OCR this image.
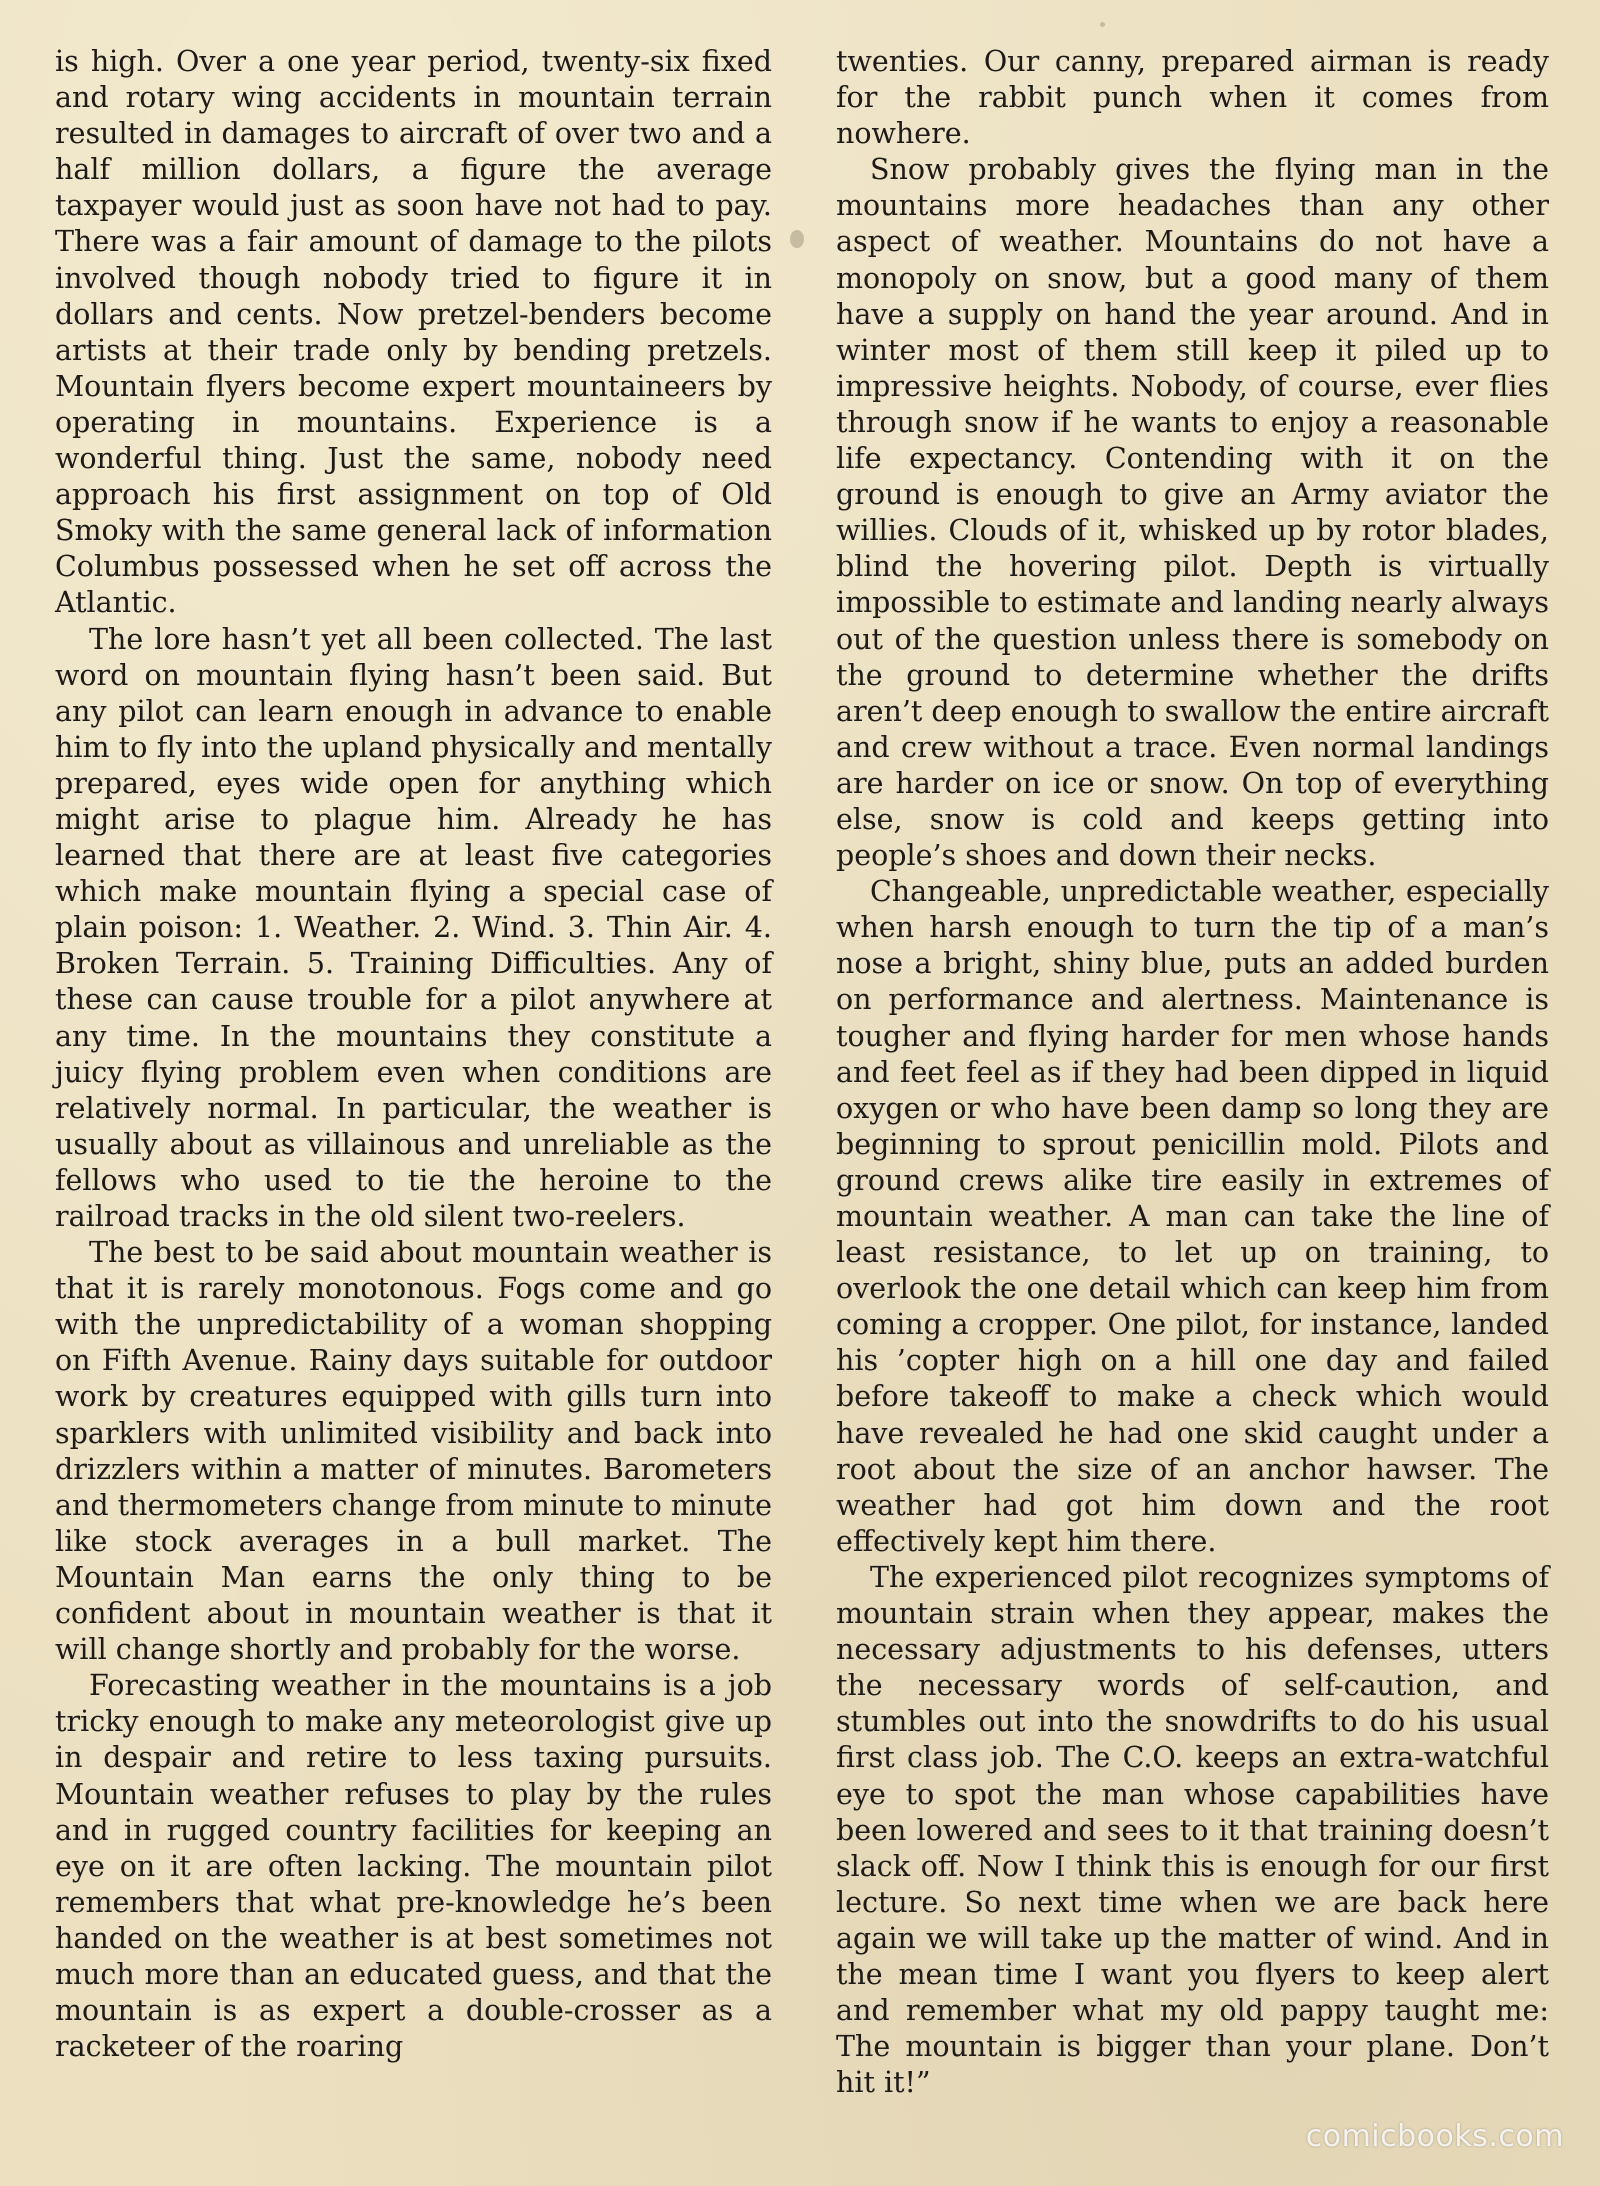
is high. Over a one year period, twenty-six fixed and rotary wing accidents in mountain terrain resulted in damages to aircraft of over two and a half million dollars, a figure the average taxpayer would just as soon have not had to pay. There was a fair amount of damage to the pilots involved though nobody tried to figure it in dollars and cents. Now pretzel-benders become artists at their trade only by bending pretzels. Mountain flyers become expert mountaineers by operating in mountains. Experience is a wonderful thing. Just the same, nobody need approach his first assignment on top of Old Smoky with the same general lack of information Columbus possessed when he set off across the Atlantic.

The lore hasn’t yet all been collected. The last word on mountain flying hasn’t been said. But any pilot can learn enough in advance to enable him to fly into the upland physically and mentally prepared, eyes wide open for anything which might arise to plague him. Already he has learned that there are at least five categories which make mountain flying a special case of plain poison: 1. Weather. 2. Wind. 3. Thin Air. 4. Broken Terrain. 5. Training Difficulties. Any of these can cause trouble for a pilot anywhere at any time. In the mountains they constitute a juicy flying problem even when conditions are relatively normal. In particular, the weather is usually about as villainous and unreliable as the fellows who used to tie the heroine to the railroad tracks in the old silent two-reelers.

The best to be said about mountain weather is that it is rarely monotonous. Fogs come and go with the unpredictability of a woman shopping on Fifth Avenue. Rainy days suitable for outdoor work by creatures equipped with gills turn into sparklers with unlimited visibility and back into drizzlers within a matter of minutes. Barometers and thermometers change from minute to minute like stock averages in a bull market. The Mountain Man earns the only thing to be confident about in mountain weather is that it will change shortly and probably for the worse.

Forecasting weather in the mountains is a job tricky enough to make any meteorologist give up in despair and retire to less taxing pursuits. Mountain weather refuses to play by the rules and in rugged country facilities for keeping an eye on it are often lacking. The mountain pilot remembers that what pre-knowledge he’s been handed on the weather is at best sometimes not much more than an educated guess, and that the mountain is as expert a double-crosser as a racketeer of the roaring

twenties. Our canny, prepared airman is ready for the rabbit punch when it comes from nowhere.

Snow probably gives the flying man in the mountains more headaches than any other aspect of weather. Mountains do not have a monopoly on snow, but a good many of them have a supply on hand the year around. And in winter most of them still keep it piled up to impressive heights. Nobody, of course, ever flies through snow if he wants to enjoy a reasonable life expectancy. Contending with it on the ground is enough to give an Army aviator the willies. Clouds of it, whisked up by rotor blades, blind the hovering pilot. Depth is virtually impossible to estimate and landing nearly always out of the question unless there is somebody on the ground to determine whether the drifts aren’t deep enough to swallow the entire aircraft and crew without a trace. Even normal landings are harder on ice or snow. On top of everything else, snow is cold and keeps getting into people’s shoes and down their necks.

Changeable, unpredictable weather, especially when harsh enough to turn the tip of a man’s nose a bright, shiny blue, puts an added burden on performance and alertness. Maintenance is tougher and flying harder for men whose hands and feet feel as if they had been dipped in liquid oxygen or who have been damp so long they are beginning to sprout penicillin mold. Pilots and ground crews alike tire easily in extremes of mountain weather. A man can take the line of least resistance, to let up on training, to overlook the one detail which can keep him from coming a cropper. One pilot, for instance, landed his ’copter high on a hill one day and failed before takeoff to make a check which would have revealed he had one skid caught under a root about the size of an anchor hawser. The weather had got him down and the root effectively kept him there.

The experienced pilot recognizes symptoms of mountain strain when they appear, makes the necessary adjustments to his defenses, utters the necessary words of self-caution, and stumbles out into the snowdrifts to do his usual first class job. The C.O. keeps an extra-watchful eye to spot the man whose capabilities have been lowered and sees to it that training doesn’t slack off. Now I think this is enough for our first lecture. So next time when we are back here again we will take up the matter of wind. And in the mean time I want you flyers to keep alert and remember what my old pappy taught me: The mountain is bigger than your plane. Don’t hit it!”

comicbooks.com
